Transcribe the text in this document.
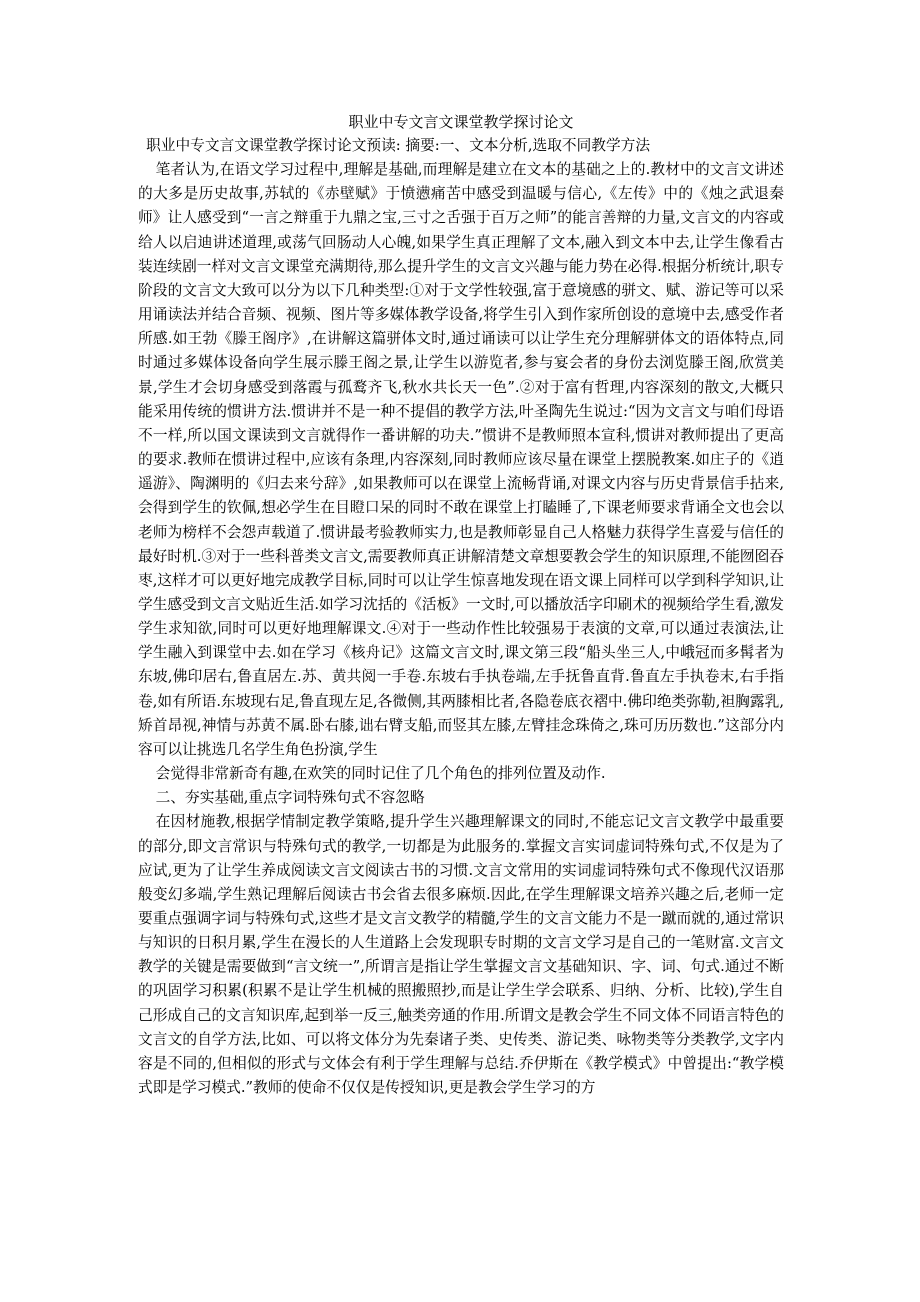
职业中专文言文课堂教学探讨论文

职业中专文言文课堂教学探讨论文预读: 摘要:一、文本分析,选取不同教学方法

笔者认为,在语文学习过程中,理解是基础,而理解是建立在文本的基础之上的.教材中的文言文讲述的大多是历史故事,苏轼的《赤壁赋》于愤懑痛苦中感受到温暖与信心,《左传》中的《烛之武退秦师》让人感受到“一言之辩重于九鼎之宝,三寸之舌强于百万之师”的能言善辩的力量,文言文的内容或给人以启迪讲述道理,或荡气回肠动人心魄,如果学生真正理解了文本,融入到文本中去,让学生像看古装连续剧一样对文言文课堂充满期待,那么提升学生的文言文兴趣与能力势在必得.根据分析统计,职专阶段的文言文大致可以分为以下几种类型:①对于文学性较强,富于意境感的骈文、赋、游记等可以采用诵读法并结合音频、视频、图片等多媒体教学设备,将学生引入到作家所创设的意境中去,感受作者所感.如王勃《滕王阁序》,在讲解这篇骈体文时,通过诵读可以让学生充分理解骈体文的语体特点,同时通过多媒体设备向学生展示滕王阁之景,让学生以游览者,参与宴会者的身份去浏览滕王阁,欣赏美景,学生才会切身感受到落霞与孤鹜齐飞,秋水共长天一色”.②对于富有哲理,内容深刻的散文,大概只能采用传统的惯讲方法.惯讲并不是一种不提倡的教学方法,叶圣陶先生说过:“因为文言文与咱们母语不一样,所以国文课读到文言就得作一番讲解的功夫.”惯讲不是教师照本宣科,惯讲对教师提出了更高的要求.教师在惯讲过程中,应该有条理,内容深刻,同时教师应该尽量在课堂上摆脱教案.如庄子的《逍遥游》、陶渊明的《归去来兮辞》,如果教师可以在课堂上流畅背诵,对课文内容与历史背景信手拈来,会得到学生的钦佩,想必学生在目瞪口呆的同时不敢在课堂上打瞌睡了,下课老师要求背诵全文也会以老师为榜样不会怨声载道了.惯讲最考验教师实力,也是教师彰显自己人格魅力获得学生喜爱与信任的最好时机.③对于一些科普类文言文,需要教师真正讲解清楚文章想要教会学生的知识原理,不能囫囵吞枣,这样才可以更好地完成教学目标,同时可以让学生惊喜地发现在语文课上同样可以学到科学知识,让学生感受到文言文贴近生活.如学习沈括的《活板》一文时,可以播放活字印刷术的视频给学生看,激发学生求知欲,同时可以更好地理解课文.④对于一些动作性比较强易于表演的文章,可以通过表演法,让学生融入到课堂中去.如在学习《核舟记》这篇文言文时,课文第三段“船头坐三人,中峨冠而多髯者为东坡,佛印居右,鲁直居左.苏、黄共阅一手卷.东坡右手执卷端,左手抚鲁直背.鲁直左手执卷末,右手指卷,如有所语.东坡现右足,鲁直现左足,各微侧,其两膝相比者,各隐卷底衣褶中.佛印绝类弥勒,袒胸露乳,矫首昂视,神情与苏黄不属.卧右膝,诎右臂支船,而竖其左膝,左臂挂念珠倚之,珠可历历数也.”这部分内容可以让挑选几名学生角色扮演,学生

会觉得非常新奇有趣,在欢笑的同时记住了几个角色的排列位置及动作.

二、夯实基础,重点字词特殊句式不容忽略

在因材施教,根据学情制定教学策略,提升学生兴趣理解课文的同时,不能忘记文言文教学中最重要的部分,即文言常识与特殊句式的教学,一切都是为此服务的.掌握文言实词虚词特殊句式,不仅是为了应试,更为了让学生养成阅读文言文阅读古书的习惯.文言文常用的实词虚词特殊句式不像现代汉语那般变幻多端,学生熟记理解后阅读古书会省去很多麻烦.因此,在学生理解课文培养兴趣之后,老师一定要重点强调字词与特殊句式,这些才是文言文教学的精髓,学生的文言文能力不是一蹴而就的,通过常识与知识的日积月累,学生在漫长的人生道路上会发现职专时期的文言文学习是自己的一笔财富.文言文教学的关键是需要做到“言文统一”,所谓言是指让学生掌握文言文基础知识、字、词、句式.通过不断的巩固学习积累(积累不是让学生机械的照搬照抄,而是让学生学会联系、归纳、分析、比较),学生自己形成自己的文言知识库,起到举一反三,触类旁通的作用.所谓文是教会学生不同文体不同语言特色的文言文的自学方法,比如、可以将文体分为先秦诸子类、史传类、游记类、咏物类等分类教学,文字内容是不同的,但相似的形式与文体会有利于学生理解与总结.乔伊斯在《教学模式》中曾提出:“教学模式即是学习模式.”教师的使命不仅仅是传授知识,更是教会学生学习的方
